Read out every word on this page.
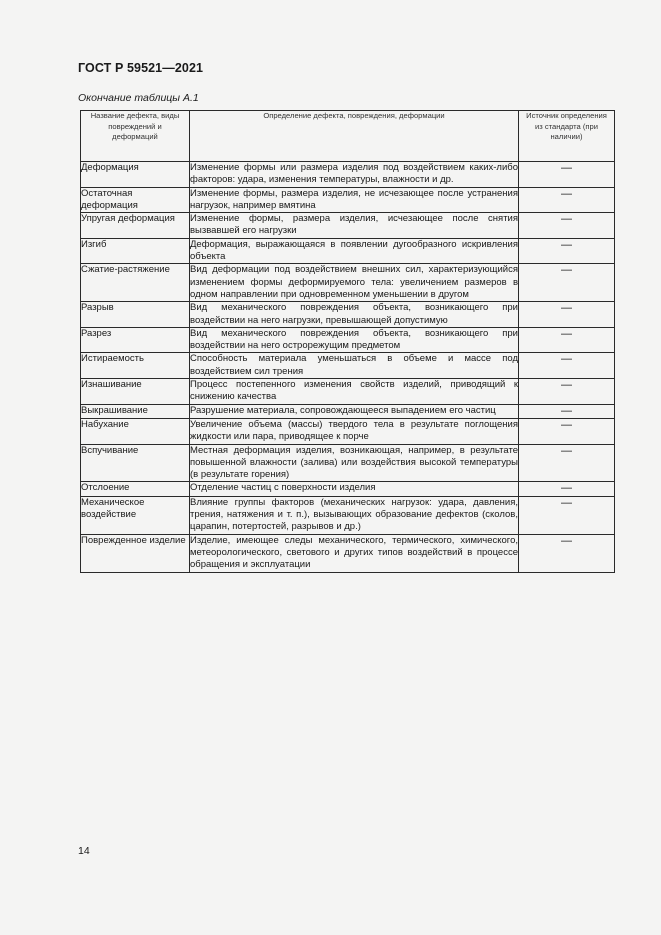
ГОСТ Р 59521—2021
Окончание таблицы А.1
Название дефекта, виды повреждений и деформаций	Определение дефекта, повреждения, деформации	Источник определения из стандарта (при наличии)

Деформация	Изменение формы или размера изделия под воздействием каких-либо факторов: удара, изменения температуры, влажности и др.	—
Остаточная деформация	Изменение формы, размера изделия, не исчезающее после устранения нагрузок, например вмятина	—
Упругая деформация	Изменение формы, размера изделия, исчезающее после снятия вызвавшей его нагрузки	—
Изгиб	Деформация, выражающаяся в появлении дугообразного искривления объекта	—
Сжатие-растяжение	Вид деформации под воздействием внешних сил, характеризующийся изменением формы деформируемого тела: увеличением размеров в одном направлении при одновременном уменьшении в другом	—
Разрыв	Вид механического повреждения объекта, возникающего при воздействии на него нагрузки, превышающей допустимую	—
Разрез	Вид механического повреждения объекта, возникающего при воздействии на него острорежущим предметом	—
Истираемость	Способность материала уменьшаться в объеме и массе под воздействием сил трения	—
Изнашивание	Процесс постепенного изменения свойств изделий, приводящий к снижению качества	—
Выкрашивание	Разрушение материала, сопровождающееся выпадением его частиц	—
Набухание	Увеличение объема (массы) твердого тела в результате поглощения жидкости или пара, приводящее к порче	—
Вспучивание	Местная деформация изделия, возникающая, например, в результате повышенной влажности (залива) или воздействия высокой температуры (в результате горения)	—
Отслоение	Отделение частиц с поверхности изделия	—
Механическое воздействие	Влияние группы факторов (механических нагрузок: удара, давления, трения, натяжения и т. п.), вызывающих образование дефектов (сколов, царапин, потертостей, разрывов и др.)	—
Поврежденное изделие	Изделие, имеющее следы механического, термического, химического, метеорологического, светового и других типов воздействий в процессе обращения и эксплуатации	—
14
